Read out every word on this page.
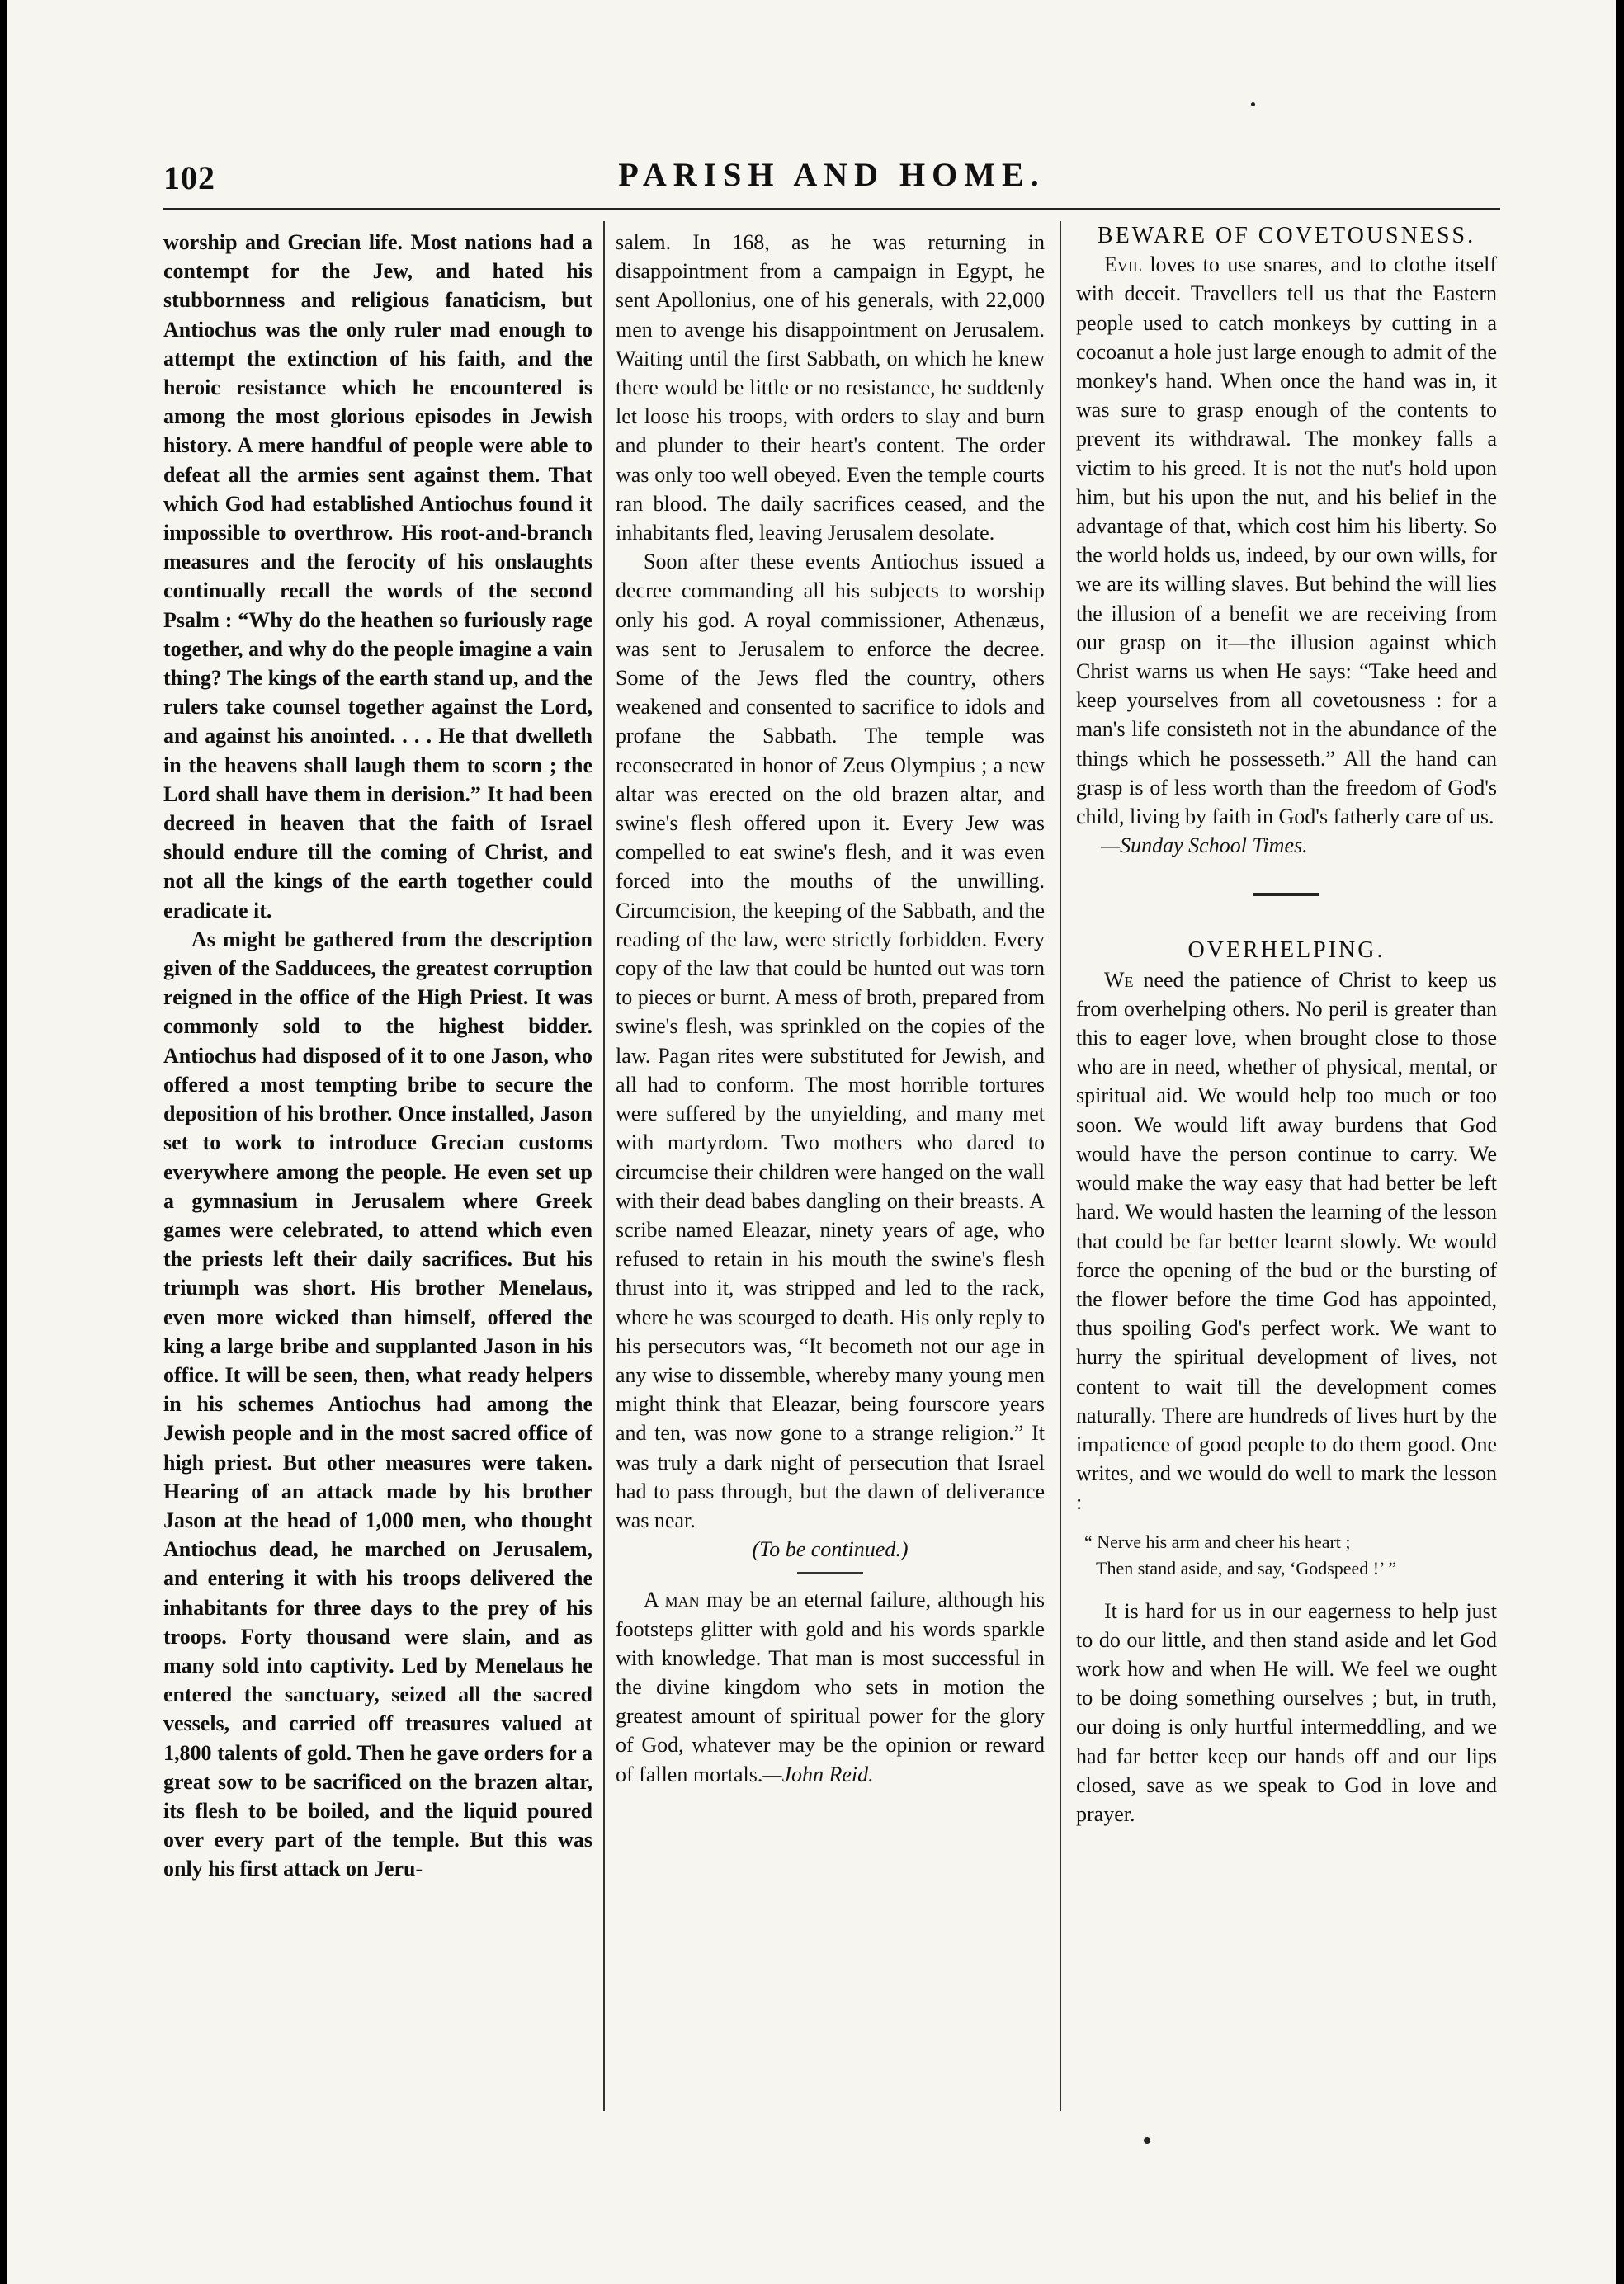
102	PARISH AND HOME.

worship and Grecian life. Most nations had a contempt for the Jew, and hated his stubbornness and religious fanaticism, but Antiochus was the only ruler mad enough to attempt the extinction of his faith, and the heroic resistance which he encountered is among the most glorious episodes in Jewish history. A mere handful of people were able to defeat all the armies sent against them. That which God had established Antiochus found it impossible to overthrow. His root-and-branch measures and the ferocity of his onslaughts continually recall the words of the second Psalm : “Why do the heathen so furiously rage together, and why do the people imagine a vain thing? The kings of the earth stand up, and the rulers take counsel together against the Lord, and against his anointed. . . . He that dwelleth in the heavens shall laugh them to scorn ; the Lord shall have them in derision.” It had been decreed in heaven that the faith of Israel should endure till the coming of Christ, and not all the kings of the earth together could eradicate it.

As might be gathered from the description given of the Sadducees, the greatest corruption reigned in the office of the High Priest. It was commonly sold to the highest bidder. Antiochus had disposed of it to one Jason, who offered a most tempting bribe to secure the deposition of his brother. Once installed, Jason set to work to introduce Grecian customs everywhere among the people. He even set up a gymnasium in Jerusalem where Greek games were celebrated, to attend which even the priests left their daily sacrifices. But his triumph was short. His brother Menelaus, even more wicked than himself, offered the king a large bribe and supplanted Jason in his office. It will be seen, then, what ready helpers in his schemes Antiochus had among the Jewish people and in the most sacred office of high priest. But other measures were taken. Hearing of an attack made by his brother Jason at the head of 1,000 men, who thought Antiochus dead, he marched on Jerusalem, and entering it with his troops delivered the inhabitants for three days to the prey of his troops. Forty thousand were slain, and as many sold into captivity. Led by Menelaus he entered the sanctuary, seized all the sacred vessels, and carried off treasures valued at 1,800 talents of gold. Then he gave orders for a great sow to be sacrificed on the brazen altar, its flesh to be boiled, and the liquid poured over every part of the temple. But this was only his first attack on Jeru-

salem. In 168, as he was returning in disappointment from a campaign in Egypt, he sent Apollonius, one of his generals, with 22,000 men to avenge his disappointment on Jerusalem. Waiting until the first Sabbath, on which he knew there would be little or no resistance, he suddenly let loose his troops, with orders to slay and burn and plunder to their heart's content. The order was only too well obeyed. Even the temple courts ran blood. The daily sacrifices ceased, and the inhabitants fled, leaving Jerusalem desolate.

Soon after these events Antiochus issued a decree commanding all his subjects to worship only his god. A royal commissioner, Athenæus, was sent to Jerusalem to enforce the decree. Some of the Jews fled the country, others weakened and consented to sacrifice to idols and profane the Sabbath. The temple was reconsecrated in honor of Zeus Olympius ; a new altar was erected on the old brazen altar, and swine's flesh offered upon it. Every Jew was compelled to eat swine's flesh, and it was even forced into the mouths of the unwilling. Circumcision, the keeping of the Sabbath, and the reading of the law, were strictly forbidden. Every copy of the law that could be hunted out was torn to pieces or burnt. A mess of broth, prepared from swine's flesh, was sprinkled on the copies of the law. Pagan rites were substituted for Jewish, and all had to conform. The most horrible tortures were suffered by the unyielding, and many met with martyrdom. Two mothers who dared to circumcise their children were hanged on the wall with their dead babes dangling on their breasts. A scribe named Eleazar, ninety years of age, who refused to retain in his mouth the swine's flesh thrust into it, was stripped and led to the rack, where he was scourged to death. His only reply to his persecutors was, “It becometh not our age in any wise to dissemble, whereby many young men might think that Eleazar, being fourscore years and ten, was now gone to a strange religion.” It was truly a dark night of persecution that Israel had to pass through, but the dawn of deliverance was near.

(To be continued.)

A man may be an eternal failure, although his footsteps glitter with gold and his words sparkle with knowledge. That man is most successful in the divine kingdom who sets in motion the greatest amount of spiritual power for the glory of God, whatever may be the opinion or reward of fallen mortals.—John Reid.

BEWARE OF COVETOUSNESS.

Evil loves to use snares, and to clothe itself with deceit. Travellers tell us that the Eastern people used to catch monkeys by cutting in a cocoanut a hole just large enough to admit of the monkey's hand. When once the hand was in, it was sure to grasp enough of the contents to prevent its withdrawal. The monkey falls a victim to his greed. It is not the nut's hold upon him, but his upon the nut, and his belief in the advantage of that, which cost him his liberty. So the world holds us, indeed, by our own wills, for we are its willing slaves. But behind the will lies the illusion of a benefit we are receiving from our grasp on it—the illusion against which Christ warns us when He says: “Take heed and keep yourselves from all covetousness : for a man's life consisteth not in the abundance of the things which he possesseth.” All the hand can grasp is of less worth than the freedom of God's child, living by faith in God's fatherly care of us.

—Sunday School Times.

OVERHELPING.

We need the patience of Christ to keep us from overhelping others. No peril is greater than this to eager love, when brought close to those who are in need, whether of physical, mental, or spiritual aid. We would help too much or too soon. We would lift away burdens that God would have the person continue to carry. We would make the way easy that had better be left hard. We would hasten the learning of the lesson that could be far better learnt slowly. We would force the opening of the bud or the bursting of the flower before the time God has appointed, thus spoiling God's perfect work. We want to hurry the spiritual development of lives, not content to wait till the development comes naturally. There are hundreds of lives hurt by the impatience of good people to do them good. One writes, and we would do well to mark the lesson :

“ Nerve his arm and cheer his heart ;
Then stand aside, and say, ‘Godspeed !’ ”

It is hard for us in our eagerness to help just to do our little, and then stand aside and let God work how and when He will. We feel we ought to be doing something ourselves ; but, in truth, our doing is only hurtful intermeddling, and we had far better keep our hands off and our lips closed, save as we speak to God in love and prayer.
